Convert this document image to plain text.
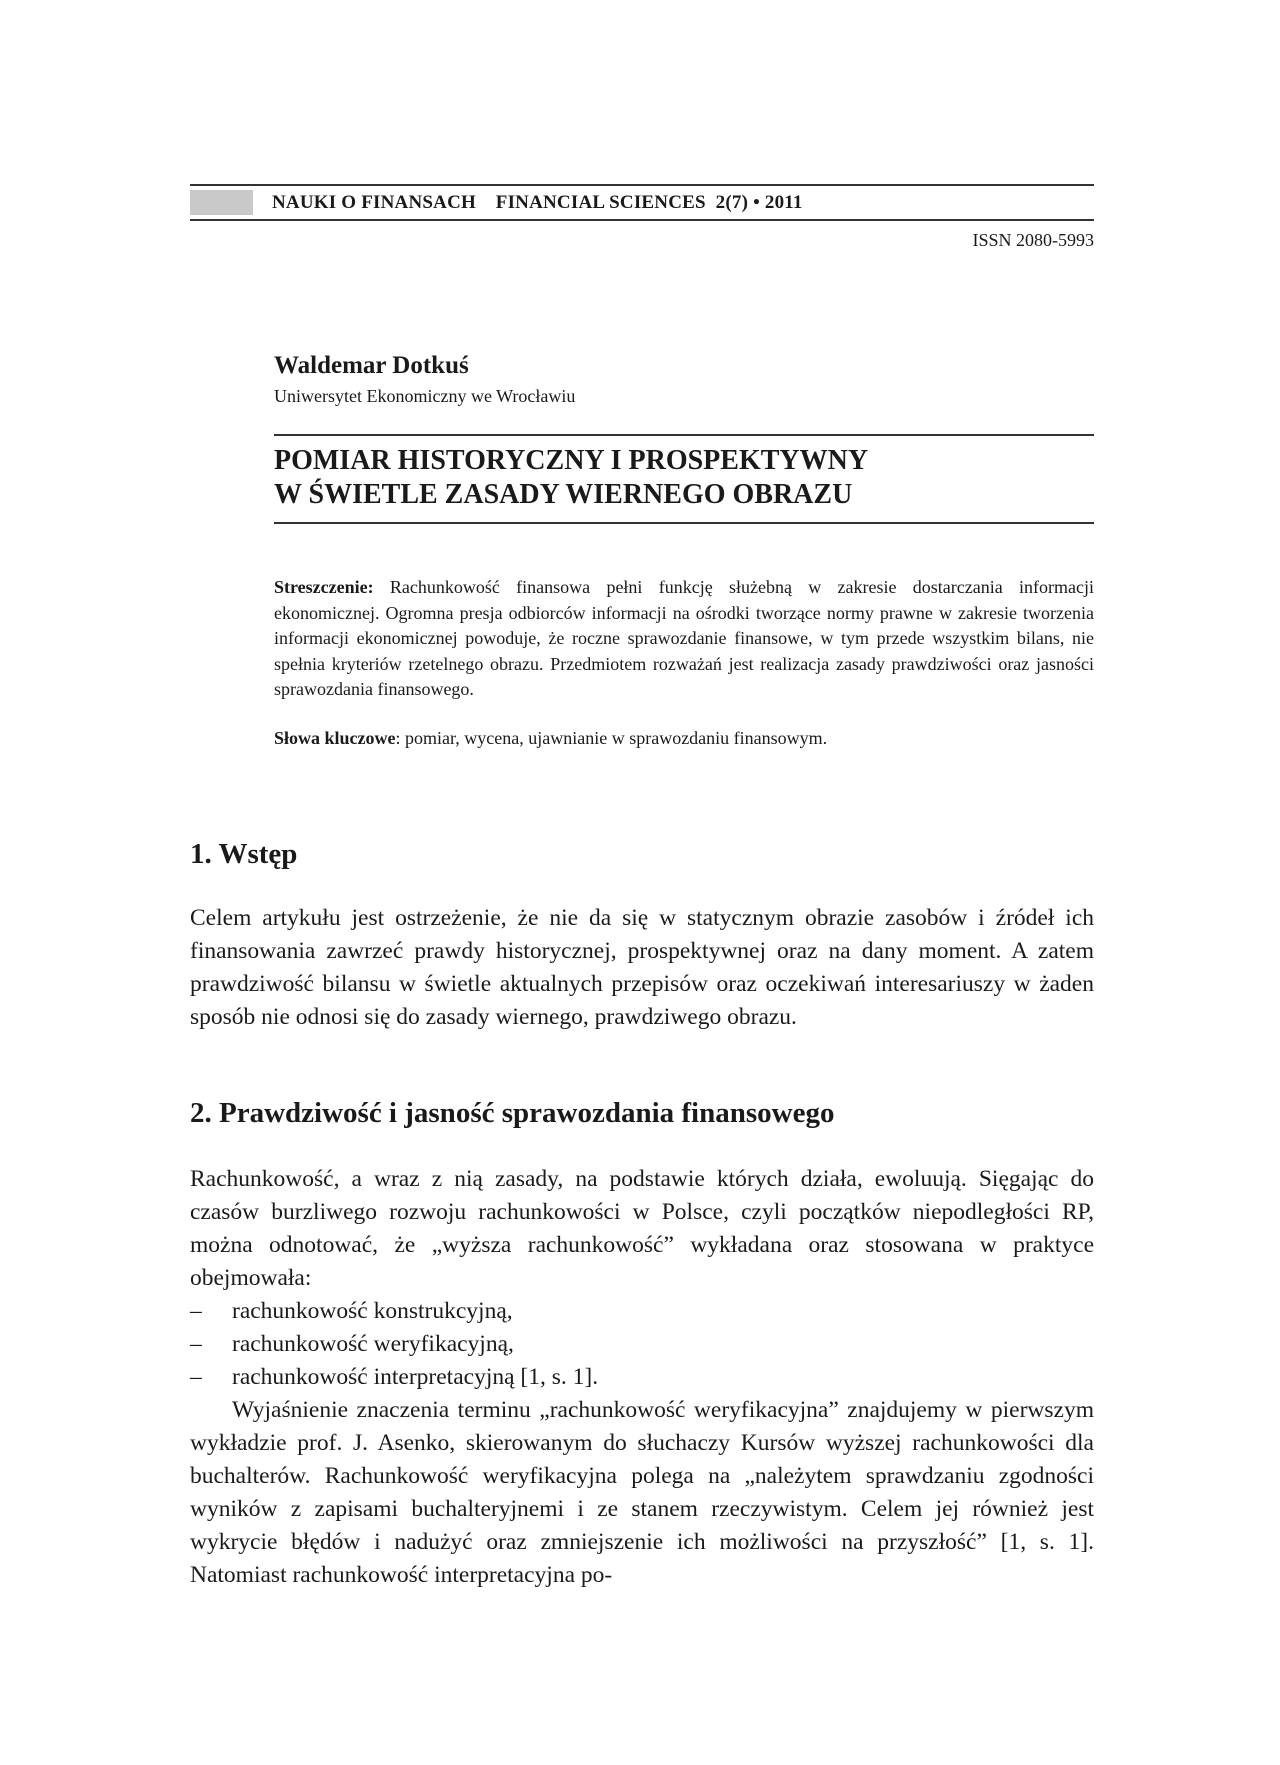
NAUKI O FINANSACH    FINANCIAL SCIENCES  2(7) • 2011
ISSN 2080-5993
Waldemar Dotkuś
Uniwersytet Ekonomiczny we Wrocławiu
POMIAR HISTORYCZNY I PROSPEKTYWNY
W ŚWIETLE ZASADY WIERNEGO OBRAZU
Streszczenie: Rachunkowość finansowa pełni funkcję służebną w zakresie dostarczania informacji ekonomicznej. Ogromna presja odbiorców informacji na ośrodki tworzące normy prawne w zakresie tworzenia informacji ekonomicznej powoduje, że roczne sprawozdanie finansowe, w tym przede wszystkim bilans, nie spełnia kryteriów rzetelnego obrazu. Przedmiotem rozważań jest realizacja zasady prawdziwości oraz jasności sprawozdania finansowego.
Słowa kluczowe: pomiar, wycena, ujawnianie w sprawozdaniu finansowym.
1. Wstęp
Celem artykułu jest ostrzeżenie, że nie da się w statycznym obrazie zasobów i źródeł ich finansowania zawrzeć prawdy historycznej, prospektywnej oraz na dany moment. A zatem prawdziwość bilansu w świetle aktualnych przepisów oraz oczekiwań interesariuszy w żaden sposób nie odnosi się do zasady wiernego, prawdziwego obrazu.
2. Prawdziwość i jasność sprawozdania finansowego
Rachunkowość, a wraz z nią zasady, na podstawie których działa, ewoluują. Sięgając do czasów burzliwego rozwoju rachunkowości w Polsce, czyli początków niepodległości RP, można odnotować, że „wyższa rachunkowość” wykładana oraz stosowana w praktyce obejmowała:
–	rachunkowość konstrukcyjną,
–	rachunkowość weryfikacyjną,
–	rachunkowość interpretacyjną [1, s. 1].
Wyjaśnienie znaczenia terminu „rachunkowość weryfikacyjna” znajdujemy w pierwszym wykładzie prof. J. Asenko, skierowanym do słuchaczy Kursów wyższej rachunkowości dla buchalterów. Rachunkowość weryfikacyjna polega na „należytem sprawdzaniu zgodności wyników z zapisami buchalteryjnemi i ze stanem rzeczywistym. Celem jej również jest wykrycie błędów i nadużyć oraz zmniejszenie ich możliwości na przyszłość” [1, s. 1]. Natomiast rachunkowość interpretacyjna po-
